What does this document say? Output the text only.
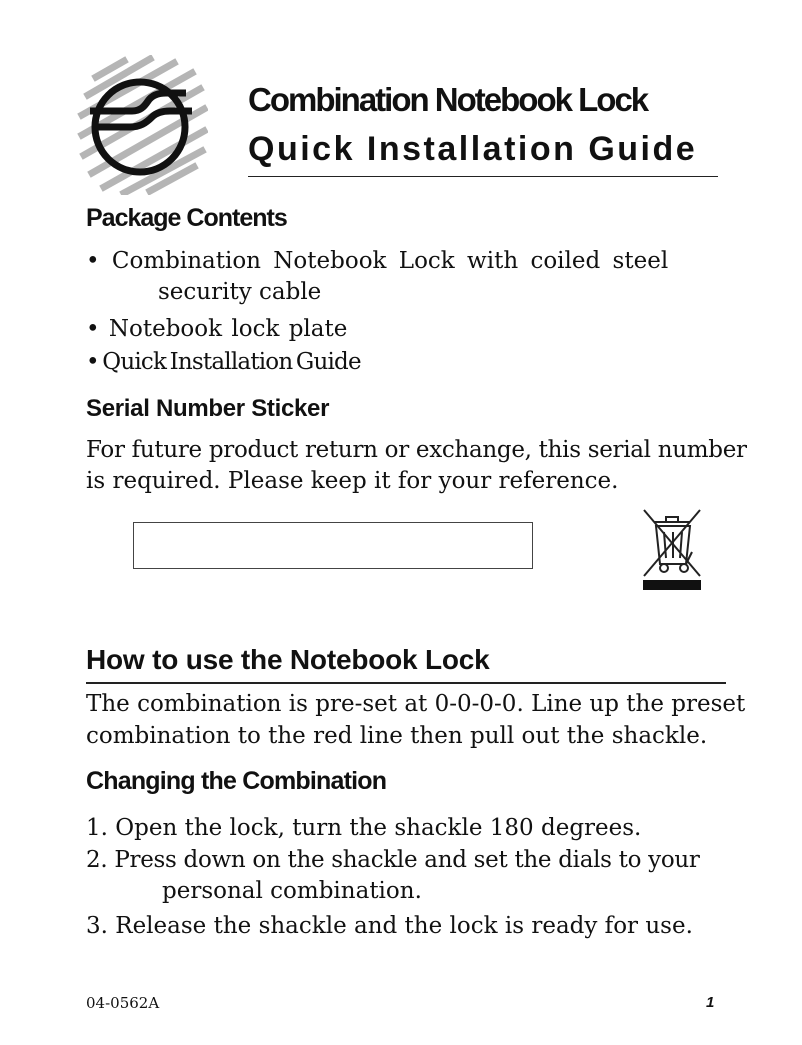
Combination Notebook Lock
Quick Installation Guide
Package Contents
• Combination Notebook Lock with coiled steel
security cable
• Notebook lock plate
• Quick Installation Guide
Serial Number Sticker
For future product return or exchange, this serial number
is required. Please keep it for your reference.
How to use the Notebook Lock
The combination is pre-set at 0-0-0-0. Line up the preset
combination to the red line then pull out the shackle.
Changing the Combination
1. Open the lock, turn the shackle 180 degrees.
2. Press down on the shackle and set the dials to your
personal combination.
3. Release the shackle and the lock is ready for use.
04-0562A	1
